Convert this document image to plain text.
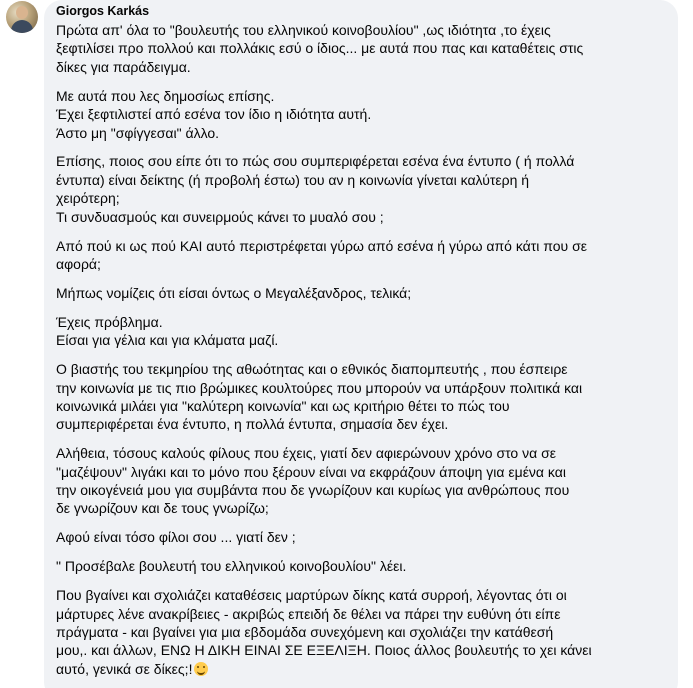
Giorgos Karkás
Πρώτα απ' όλα το "βουλευτής του ελληνικού κοινοβουλίου" ,ως ιδιότητα ,το έχεις
ξεφτιλίσει προ πολλού και πολλάκις εσύ ο ίδιος... με αυτά που πας και καταθέτεις στις
δίκες για παράδειγμα.
Με αυτά που λες δημοσίως επίσης.
Έχει ξεφτιλιστεί από εσένα τον ίδιο η ιδιότητα αυτή.
Άστο μη "σφίγγεσαι" άλλο.
Επίσης, ποιος σου είπε ότι το πώς σου συμπεριφέρεται εσένα ένα έντυπο ( ή πολλά
έντυπα) είναι δείκτης (ή προβολή έστω) του αν η κοινωνία γίνεται καλύτερη ή
χειρότερη;
Τι συνδυασμούς και συνειρμούς κάνει το μυαλό σου ;
Από πού κι ως πού ΚΑΙ αυτό περιστρέφεται γύρω από εσένα ή γύρω από κάτι που σε
αφορά;
Μήπως νομίζεις ότι είσαι όντως ο Μεγαλέξανδρος, τελικά;
Έχεις πρόβλημα.
Είσαι για γέλια και για κλάματα μαζί.
Ο βιαστής του τεκμηρίου της αθωότητας και ο εθνικός διαπομπευτής , που έσπειρε
την κοινωνία με τις πιο βρώμικες κουλτούρες που μπορούν να υπάρξουν πολιτικά και
κοινωνικά μιλάει για "καλύτερη κοινωνία" και ως κριτήριο θέτει το πώς του
συμπεριφέρεται ένα έντυπο, η πολλά έντυπα, σημασία δεν έχει.
Αλήθεια, τόσους καλούς φίλους που έχεις, γιατί δεν αφιερώνουν χρόνο στο να σε
"μαζέψουν" λιγάκι και το μόνο που ξέρουν είναι να εκφράζουν άποψη για εμένα και
την οικογένειά μου για συμβάντα που δε γνωρίζουν και κυρίως για ανθρώπους που
δε γνωρίζουν και δε τους γνωρίζω;
Αφού είναι τόσο φίλοι σου ... γιατί δεν ;
" Προσέβαλε βουλευτή του ελληνικού κοινοβουλίου" λέει.
Που βγαίνει και σχολιάζει καταθέσεις μαρτύρων δίκης κατά συρροή, λέγοντας ότι οι
μάρτυρες λένε ανακρίβειες - ακριβώς επειδή δε θέλει να πάρει την ευθύνη ότι είπε
πράγματα - και βγαίνει για μια εβδομάδα συνεχόμενη και σχολιάζει την κατάθεσή
μου,. και άλλων, ΕΝΩ Η ΔΙΚΗ ΕΙΝΑΙ ΣΕ ΕΞΕΛΙΞΗ. Ποιος άλλος βουλευτής το χει κάνει
αυτό, γενικά σε δίκες;!
